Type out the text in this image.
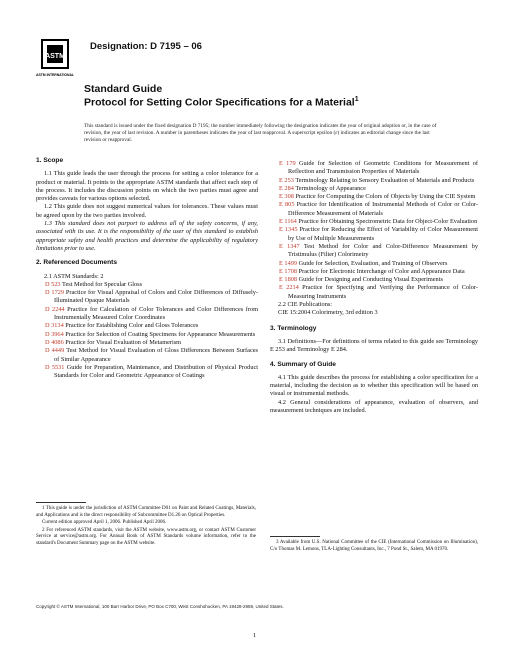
ASTM
ASTM INTERNATIONAL
Designation: D 7195 – 06
Standard Guide
Protocol for Setting Color Specifications for a Material$^1$
This standard is issued under the fixed designation D 7195; the number immediately following the designation indicates the year of original adoption or, in the case of revision, the year of last revision. A number in parentheses indicates the year of last reapproval. A superscript epsilon (ε) indicates an editorial change since the last revision or reapproval.
1. Scope

1.1 This guide leads the user through the process for setting a color tolerance for a product or material. It points to the appropriate ASTM standards that affect each step of the process. It includes the discussion points on which the two parties must agree and provides caveats for various options selected.

1.2 This guide does not suggest numerical values for tolerances. These values must be agreed upon by the two parties involved.

1.3 This standard does not purport to address all of the safety concerns, if any, associated with its use. It is the responsibility of the user of this standard to establish appropriate safety and health practices and determine the applicability of regulatory limitations prior to use.

2. Referenced Documents
2.1 ASTM Standards: 2
D 523 Test Method for Specular Gloss
D 1729 Practice for Visual Appraisal of Colors and Color Differences of Diffusely-Illuminated Opaque Materials
D 2244 Practice for Calculation of Color Tolerances and Color Differences from Instrumentally Measured Color Coordinates
D 3134 Practice for Establishing Color and Gloss Tolerances
D 3964 Practice for Selection of Coating Specimens for Appearance Measurements
D 4086 Practice for Visual Evaluation of Metamerism
D 4449 Test Method for Visual Evaluation of Gloss Differences Between Surfaces of Similar Appearance
D 5531 Guide for Preparation, Maintenance, and Distribution of Physical Product Standards for Color and Geometric Appearance of Coatings
E 179 Guide for Selection of Geometric Conditions for Measurement of Reflection and Transmission Properties of Materials
E 253 Terminology Relating to Sensory Evaluation of Materials and Products
E 284 Terminology of Appearance
E 308 Practice for Computing the Colors of Objects by Using the CIE System
E 805 Practice for Identification of Instrumental Methods of Color or Color-Difference Measurement of Materials
E 1164 Practice for Obtaining Spectrometric Data for Object-Color Evaluation
E 1345 Practice for Reducing the Effect of Variability of Color Measurement by Use of Multiple Measurements
E 1347 Test Method for Color and Color-Difference Measurement by Tristimulus (Filter) Colorimetry
E 1499 Guide for Selection, Evaluation, and Training of Observers
E 1708 Practice for Electronic Interchange of Color and Appearance Data
E 1808 Guide for Designing and Conducting Visual Experiments
E 2214 Practice for Specifying and Verifying the Performance of Color-Measuring Instruments
2.2 CIE Publications:
CIE 15:2004 Colorimetry, 3rd edition 3
3. Terminology

3.1 Definitions—For definitions of terms related to this guide see Terminology E 253 and Terminology E 284.

4. Summary of Guide

4.1 This guide describes the process for establishing a color specification for a material, including the decision as to whether this specification will be based on visual or instrumental methods.

4.2 General considerations of appearance, evaluation of observers, and measurement techniques are included.

1 This guide is under the jurisdiction of ASTM Committee D01 on Paint and Related Coatings, Materials, and Applications and is the direct responsibility of Subcommittee D1.26 on Optical Properties.
Current edition approved April 1, 2006. Published April 2006.
2 For referenced ASTM standards, visit the ASTM website, www.astm.org, or contact ASTM Customer Service at service@astm.org. For Annual Book of ASTM Standards volume information, refer to the standard's Document Summary page on the ASTM website.	3 Available from U.S. National Committee of the CIE (International Commission on Illumination), C/o Thomas M. Lemons, TLA-Lighting Consultants, Inc., 7 Pond St., Salem, MA 01970.
Copyright © ASTM International, 100 Barr Harbor Drive, PO Box C700, West Conshohocken, PA 19428-2959, United States.
1
